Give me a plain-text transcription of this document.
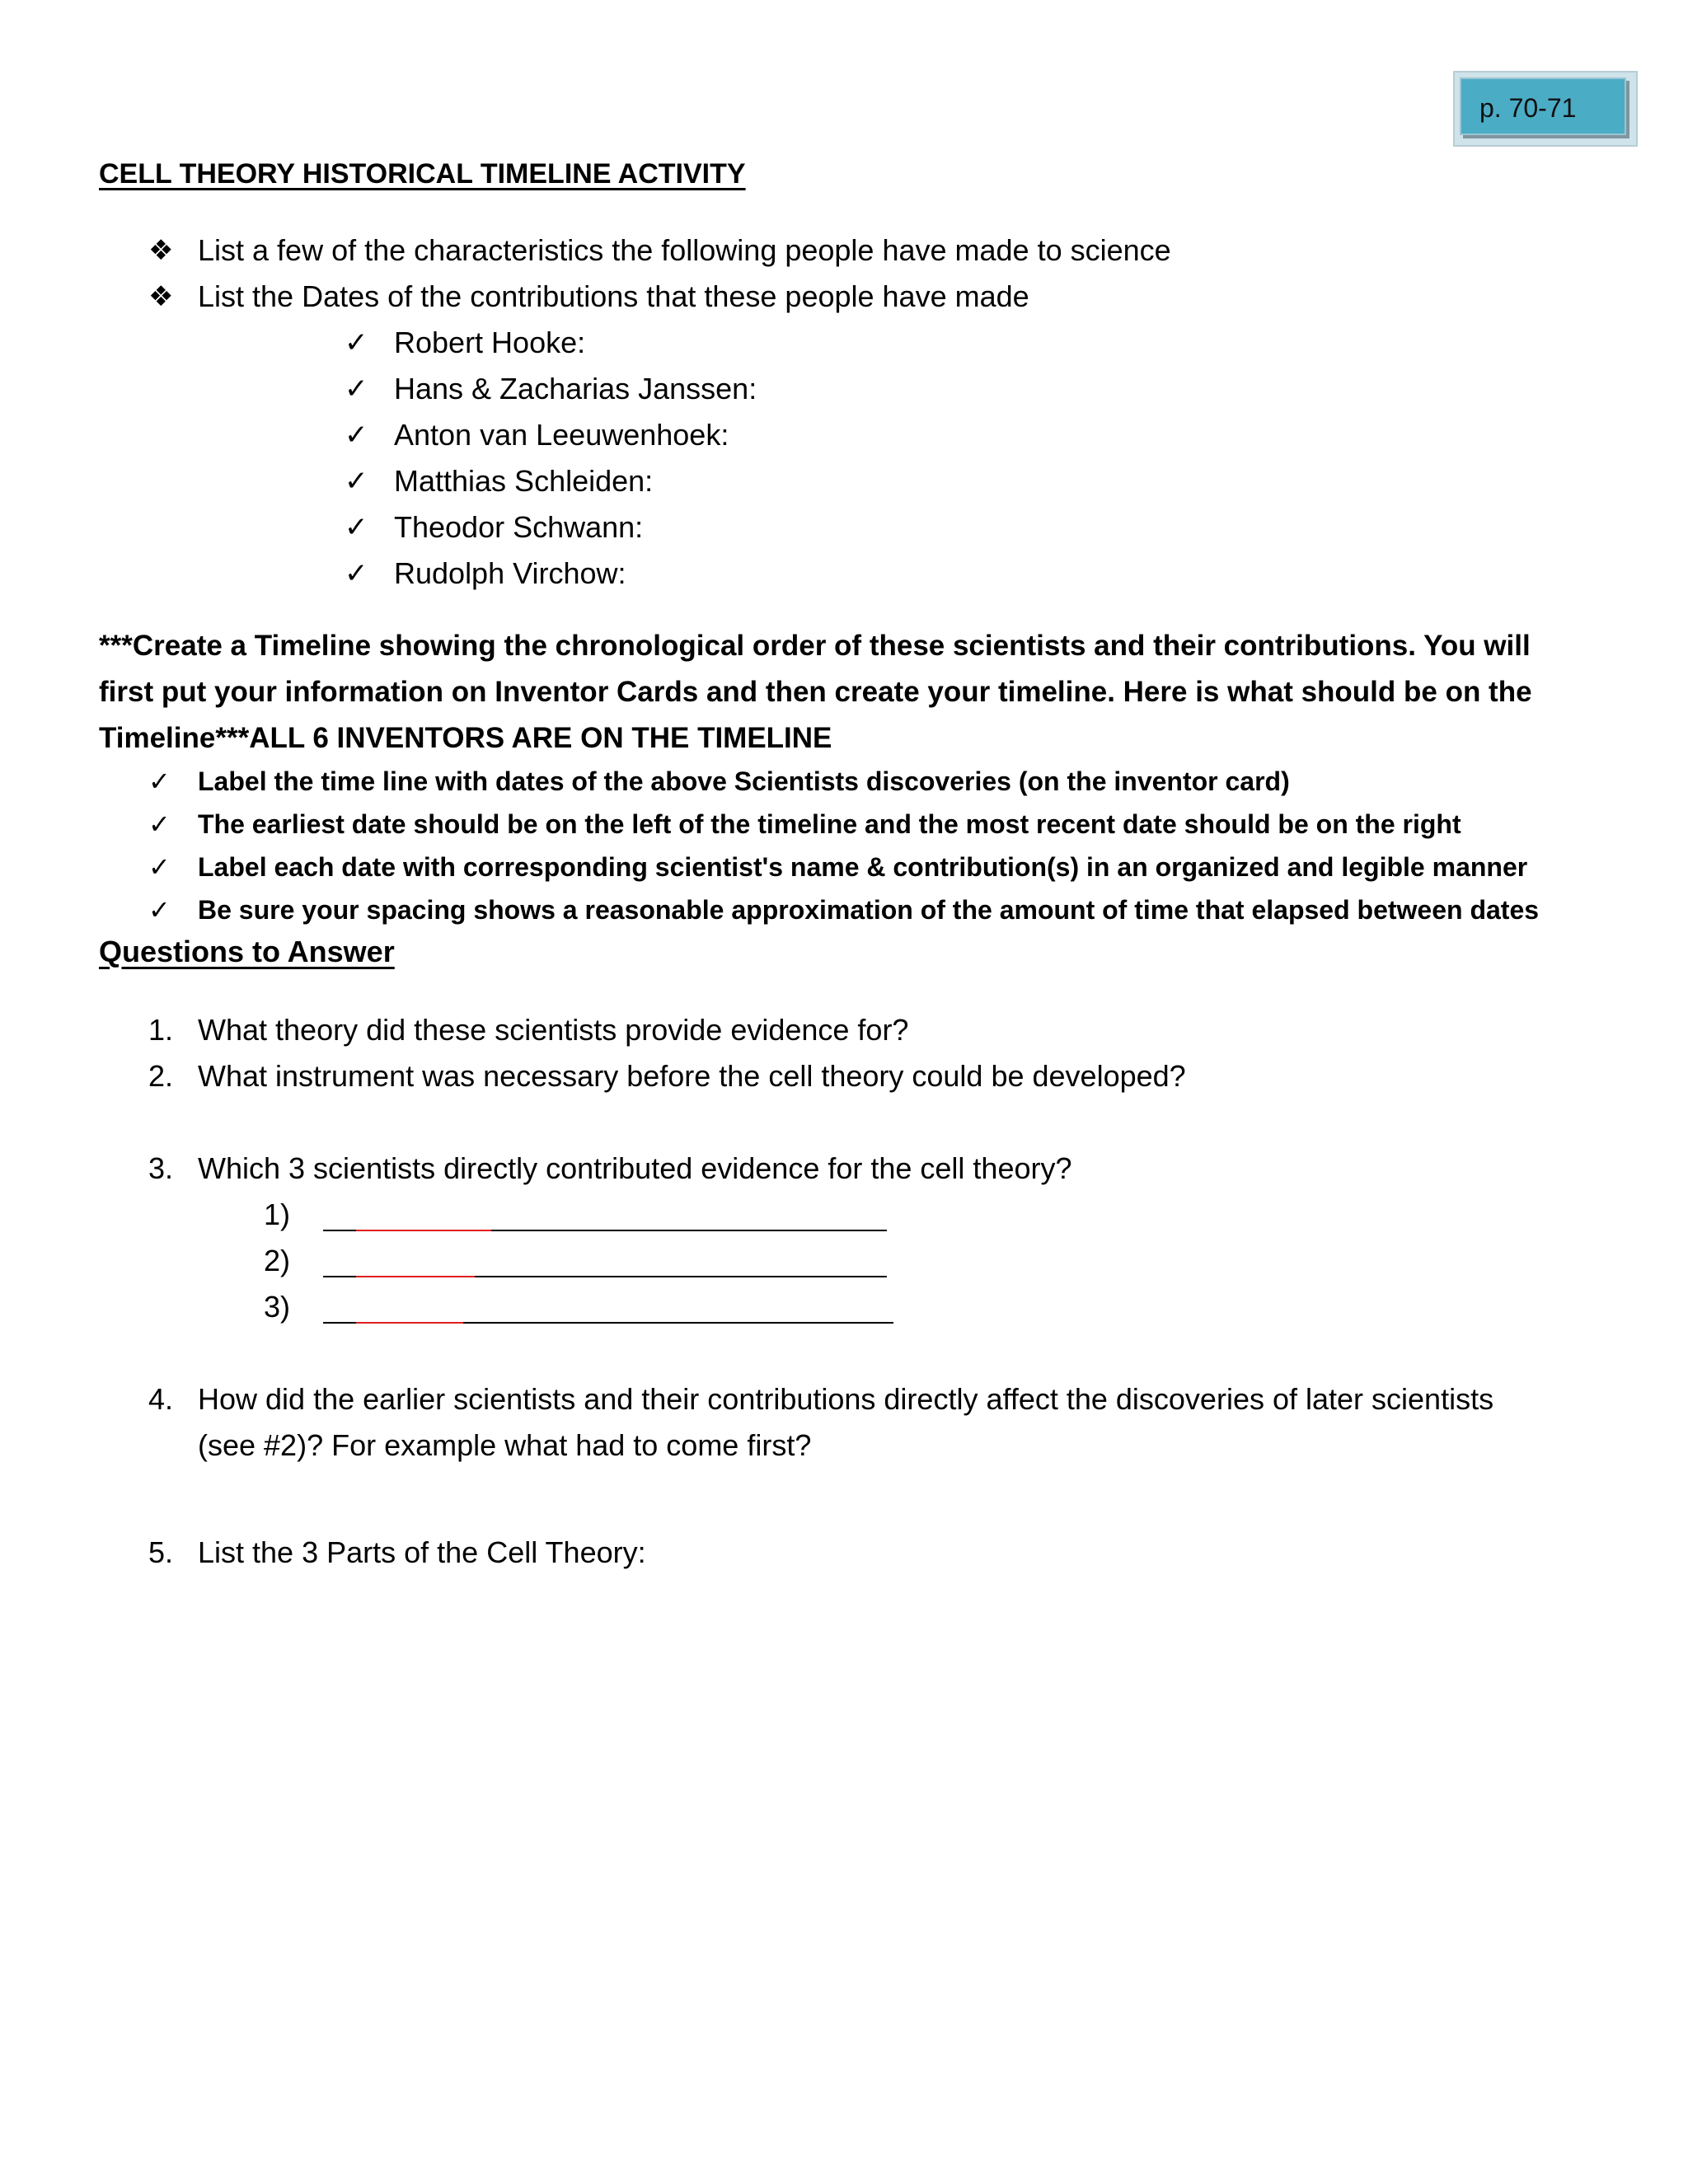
p. 70-71
CELL THEORY HISTORICAL TIMELINE ACTIVITY
❖ List a few of the characteristics the following people have made to science
❖ List the Dates of the contributions that these people have made
✓ Robert Hooke:
✓ Hans & Zacharias Janssen:
✓ Anton van Leeuwenhoek:
✓ Matthias Schleiden:
✓ Theodor Schwann:
✓ Rudolph Virchow:
***Create a Timeline showing the chronological order of these scientists and their contributions. You will first put your information on Inventor Cards and then create your timeline. Here is what should be on the Timeline***ALL 6 INVENTORS ARE ON THE TIMELINE
✓ Label the time line with dates of the above Scientists discoveries (on the inventor card)
✓ The earliest date should be on the left of the timeline and the most recent date should be on the right
✓ Label each date with corresponding scientist's name & contribution(s) in an organized and legible manner
✓ Be sure your spacing shows a reasonable approximation of the amount of time that elapsed between dates
Questions to Answer
1. What theory did these scientists provide evidence for?
2. What instrument was necessary before the cell theory could be developed?
3. Which 3 scientists directly contributed evidence for the cell theory?
1)
2)
3)
4. How did the earlier scientists and their contributions directly affect the discoveries of later scientists (see #2)? For example what had to come first?
5. List the 3 Parts of the Cell Theory:
